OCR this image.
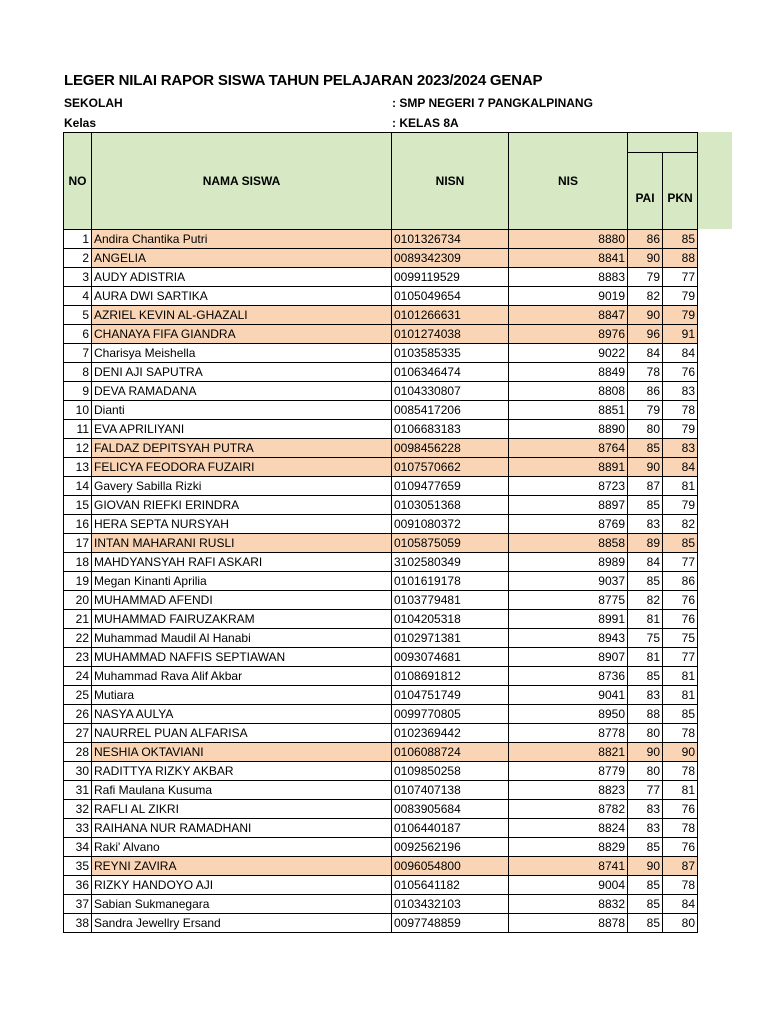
LEGER NILAI RAPOR SISWA TAHUN PELAJARAN 2023/2024 GENAP
SEKOLAH	: SMP NEGERI 7 PANGKALPINANG
Kelas	: KELAS 8A
NO	NAMA SISWA	NISN	NIS		
				PAI	PKN
1	Andira Chantika Putri	0101326734	8880	86	85
2	ANGELIA	0089342309	8841	90	88
3	AUDY ADISTRIA	0099119529	8883	79	77
4	AURA DWI SARTIKA	0105049654	9019	82	79
5	AZRIEL KEVIN AL-GHAZALI	0101266631	8847	90	79
6	CHANAYA FIFA GIANDRA	0101274038	8976	96	91
7	Charisya Meishella	0103585335	9022	84	84
8	DENI AJI SAPUTRA	0106346474	8849	78	76
9	DEVA RAMADANA	0104330807	8808	86	83
10	Dianti	0085417206	8851	79	78
11	EVA APRILIYANI	0106683183	8890	80	79
12	FALDAZ DEPITSYAH PUTRA	0098456228	8764	85	83
13	FELICYA FEODORA FUZAIRI	0107570662	8891	90	84
14	Gavery Sabilla Rizki	0109477659	8723	87	81
15	GIOVAN RIEFKI ERINDRA	0103051368	8897	85	79
16	HERA SEPTA NURSYAH	0091080372	8769	83	82
17	INTAN MAHARANI RUSLI	0105875059	8858	89	85
18	MAHDYANSYAH RAFI ASKARI	3102580349	8989	84	77
19	Megan Kinanti Aprilia	0101619178	9037	85	86
20	MUHAMMAD AFENDI	0103779481	8775	82	76
21	MUHAMMAD FAIRUZAKRAM	0104205318	8991	81	76
22	Muhammad Maudil Al Hanabi	0102971381	8943	75	75
23	MUHAMMAD NAFFIS SEPTIAWAN	0093074681	8907	81	77
24	Muhammad Rava Alif Akbar	0108691812	8736	85	81
25	Mutiara	0104751749	9041	83	81
26	NASYA AULYA	0099770805	8950	88	85
27	NAURREL PUAN ALFARISA	0102369442	8778	80	78
28	NESHIA OKTAVIANI	0106088724	8821	90	90
30	RADITTYA RIZKY AKBAR	0109850258	8779	80	78
31	Rafi Maulana Kusuma	0107407138	8823	77	81
32	RAFLI AL ZIKRI	0083905684	8782	83	76
33	RAIHANA NUR RAMADHANI	0106440187	8824	83	78
34	Raki' Alvano	0092562196	8829	85	76
35	REYNI ZAVIRA	0096054800	8741	90	87
36	RIZKY HANDOYO AJI	0105641182	9004	85	78
37	Sabian Sukmanegara	0103432103	8832	85	84
38	Sandra Jewellry Ersand	0097748859	8878	85	80
